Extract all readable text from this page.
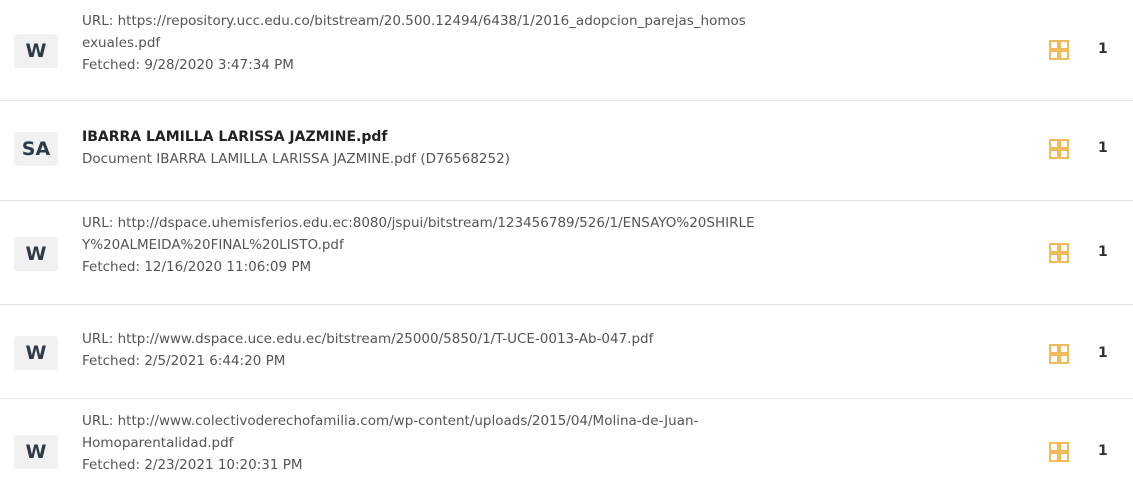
W
URL: https://repository.ucc.edu.co/bitstream/20.500.12494/6438/1/2016_adopcion_parejas_homos
exuales.pdf
Fetched: 9/28/2020 3:47:34 PM
1
SA
IBARRA LAMILLA LARISSA JAZMINE.pdf
Document IBARRA LAMILLA LARISSA JAZMINE.pdf (D76568252)
1
W
URL: http://dspace.uhemisferios.edu.ec:8080/jspui/bitstream/123456789/526/1/ENSAYO%20SHIRLE
Y%20ALMEIDA%20FINAL%20LISTO.pdf
Fetched: 12/16/2020 11:06:09 PM
1
W
URL: http://www.dspace.uce.edu.ec/bitstream/25000/5850/1/T-UCE-0013-Ab-047.pdf
Fetched: 2/5/2021 6:44:20 PM	1
W
URL: http://www.colectivoderechofamilia.com/wp-content/uploads/2015/04/Molina-de-Juan-
Homoparentalidad.pdf
Fetched: 2/23/2021 10:20:31 PM
1
